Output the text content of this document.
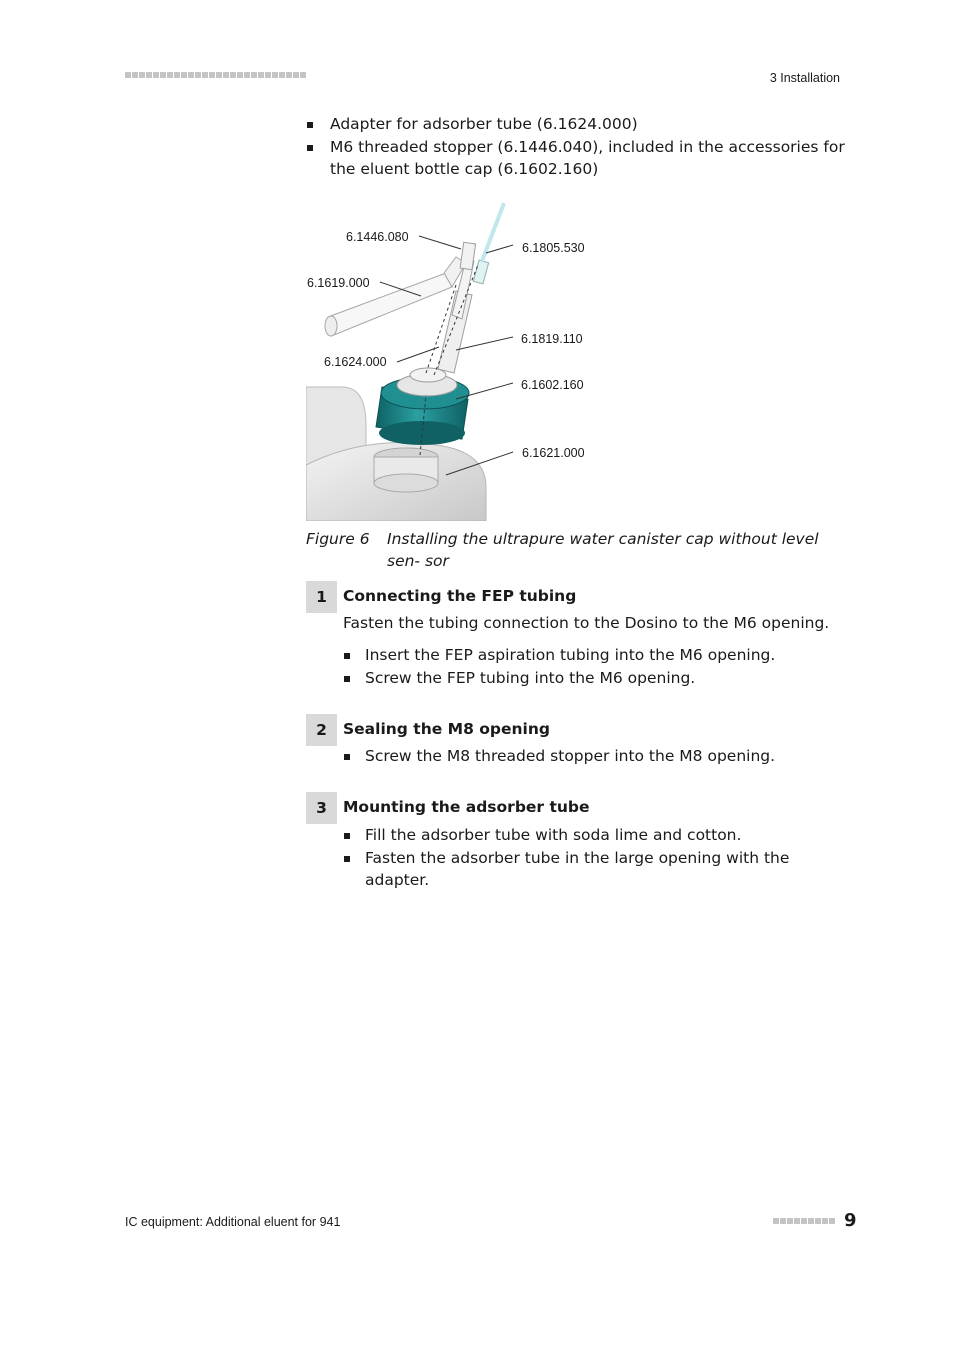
3 Installation
Adapter for adsorber tube (6.1624.000)
M6 threaded stopper (6.1446.040), included in the accessories for the eluent bottle cap (6.1602.160)
6.1446.080
6.1805.530
6.1619.000
6.1819.110
6.1624.000
6.1602.160
6.1621.000
Figure 6 Installing the ultrapure water canister cap without level sen- sor
1	Connecting the FEP tubing
Fasten the tubing connection to the Dosino to the M6 opening.
Insert the FEP aspiration tubing into the M6 opening.
Screw the FEP tubing into the M6 opening.
2	Sealing the M8 opening
Screw the M8 threaded stopper into the M8 opening.
3	Mounting the adsorber tube
Fill the adsorber tube with soda lime and cotton.
Fasten the adsorber tube in the large opening with the adapter.
IC equipment: Additional eluent for 941	9
